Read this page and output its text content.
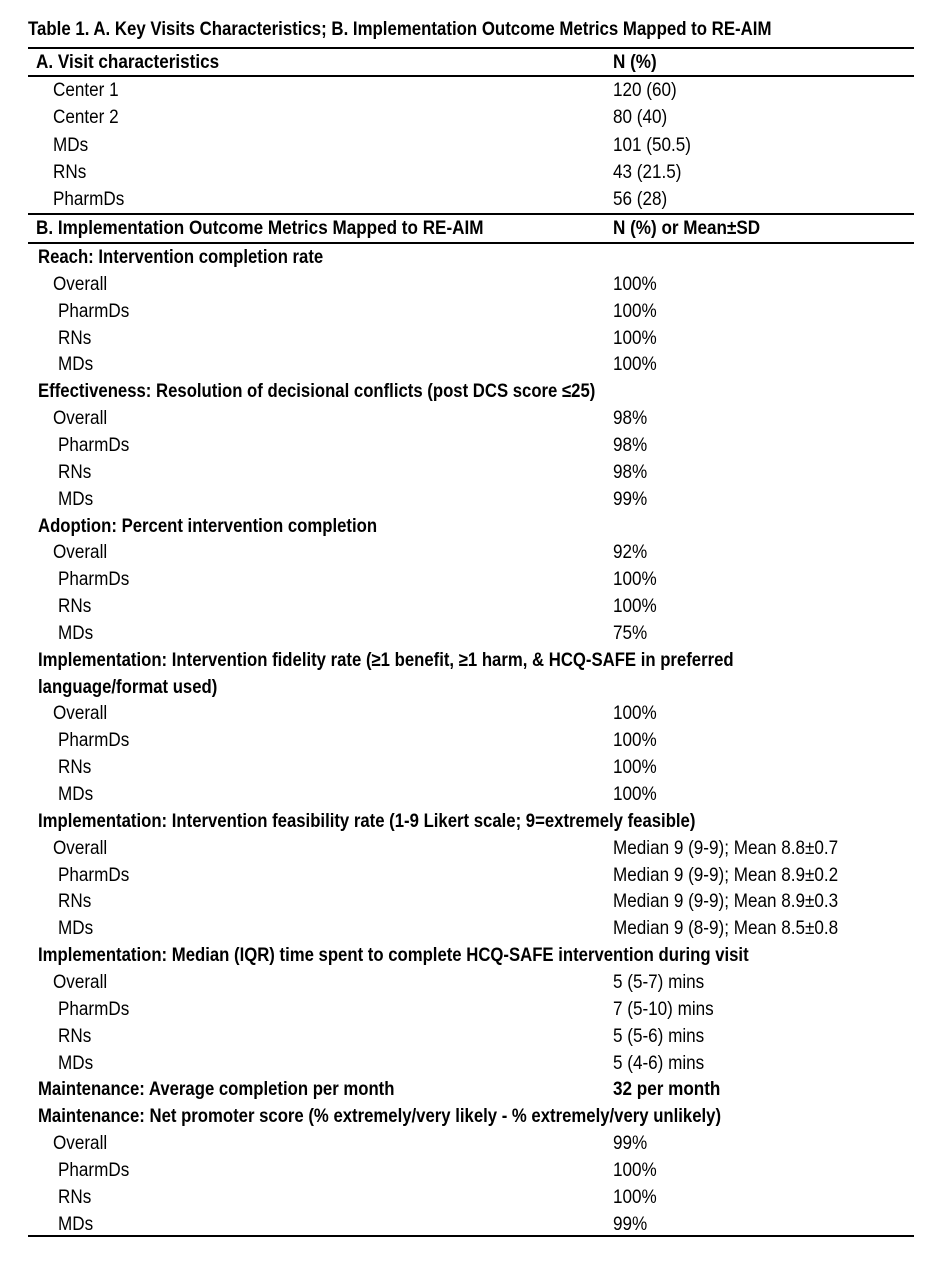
Table 1. A. Key Visits Characteristics; B. Implementation Outcome Metrics Mapped to RE-AIM
A. Visit characteristics	N (%)
Center 1	120 (60)
Center 2	80 (40)
MDs	101 (50.5)
RNs	43 (21.5)
PharmDs	56 (28)
B. Implementation Outcome Metrics Mapped to RE-AIM	N (%) or Mean±SD
Reach: Intervention completion rate
Overall	100%
PharmDs	100%
RNs	100%
MDs	100%
Effectiveness: Resolution of decisional conflicts (post DCS score ≤25)
Overall	98%
PharmDs	98%
RNs	98%
MDs	99%
Adoption: Percent intervention completion
Overall	92%
PharmDs	100%
RNs	100%
MDs	75%
Implementation: Intervention fidelity rate (≥1 benefit, ≥1 harm, & HCQ-SAFE in preferred
language/format used)
Overall	100%
PharmDs	100%
RNs	100%
MDs	100%
Implementation: Intervention feasibility rate (1-9 Likert scale; 9=extremely feasible)
Overall	Median 9 (9-9); Mean 8.8±0.7
PharmDs	Median 9 (9-9); Mean 8.9±0.2
RNs	Median 9 (9-9); Mean 8.9±0.3
MDs	Median 9 (8-9); Mean 8.5±0.8
Implementation: Median (IQR) time spent to complete HCQ-SAFE intervention during visit
Overall	5 (5-7) mins
PharmDs	7 (5-10) mins
RNs	5 (5-6) mins
MDs	5 (4-6) mins
Maintenance: Average completion per month	32 per month
Maintenance: Net promoter score (% extremely/very likely - % extremely/very unlikely)
Overall	99%
PharmDs	100%
RNs	100%
MDs	99%
